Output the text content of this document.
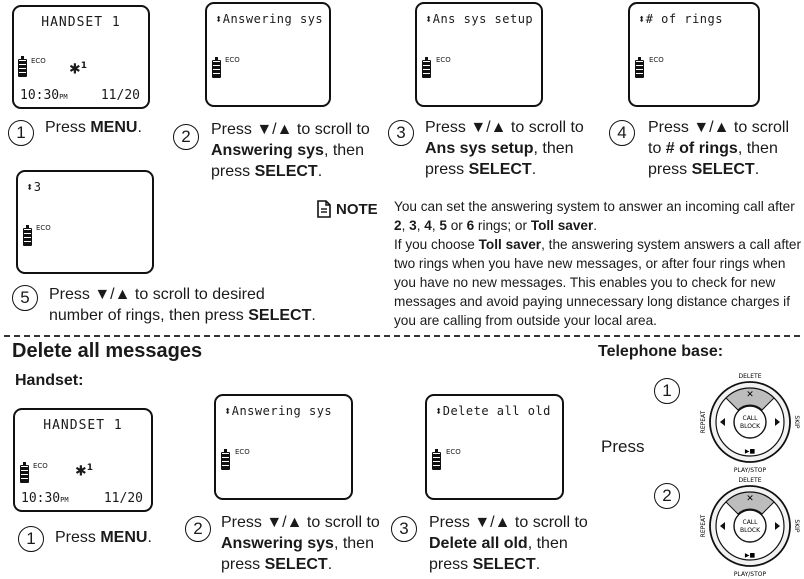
HANDSET 1
ECO
✱$^1$
10:30PM	11/20
⬍Answering sys
ECO
⬍Ans sys setup
ECO
⬍# of rings
ECO
1	Press MENU.	2	Press ▼/▲ to scroll to Answering sys, then press SELECT.
3	Press ▼/▲ to scroll to Ans sys setup, then press SELECT.
4	Press ▼/▲ to scroll to # of rings, then press SELECT.
⬍3
ECO
5	Press ▼/▲ to scroll to desired number of rings, then press SELECT.
NOTE You can set the answering system to answer an incoming call after 2, 3, 4, 5 or 6 rings; or Toll saver.
If you choose Toll saver, the answering system answers a call after two rings when you have new messages, or after four rings when you have no new messages. This enables you to check for new messages and avoid paying unnecessary long distance charges if you are calling from outside your local area.
Delete all messages
Handset:
Telephone base:
HANDSET 1
ECO ✱$^1$
10:30PM	11/20
⬍Answering sys
ECO
⬍Delete all old
ECO
1	Press MENU.	2	Press ▼/▲ to scroll to Answering sys, then press SELECT.
3	Press ▼/▲ to scroll to Delete all old, then press SELECT.
Press
1
2
DELETE
PLAY/STOP
REPEAT	SKIP
✕
▶■
CALL
BLOCK
DELETE
PLAY/STOP
REPEAT	SKIP
✕
▶■
CALL
BLOCK
